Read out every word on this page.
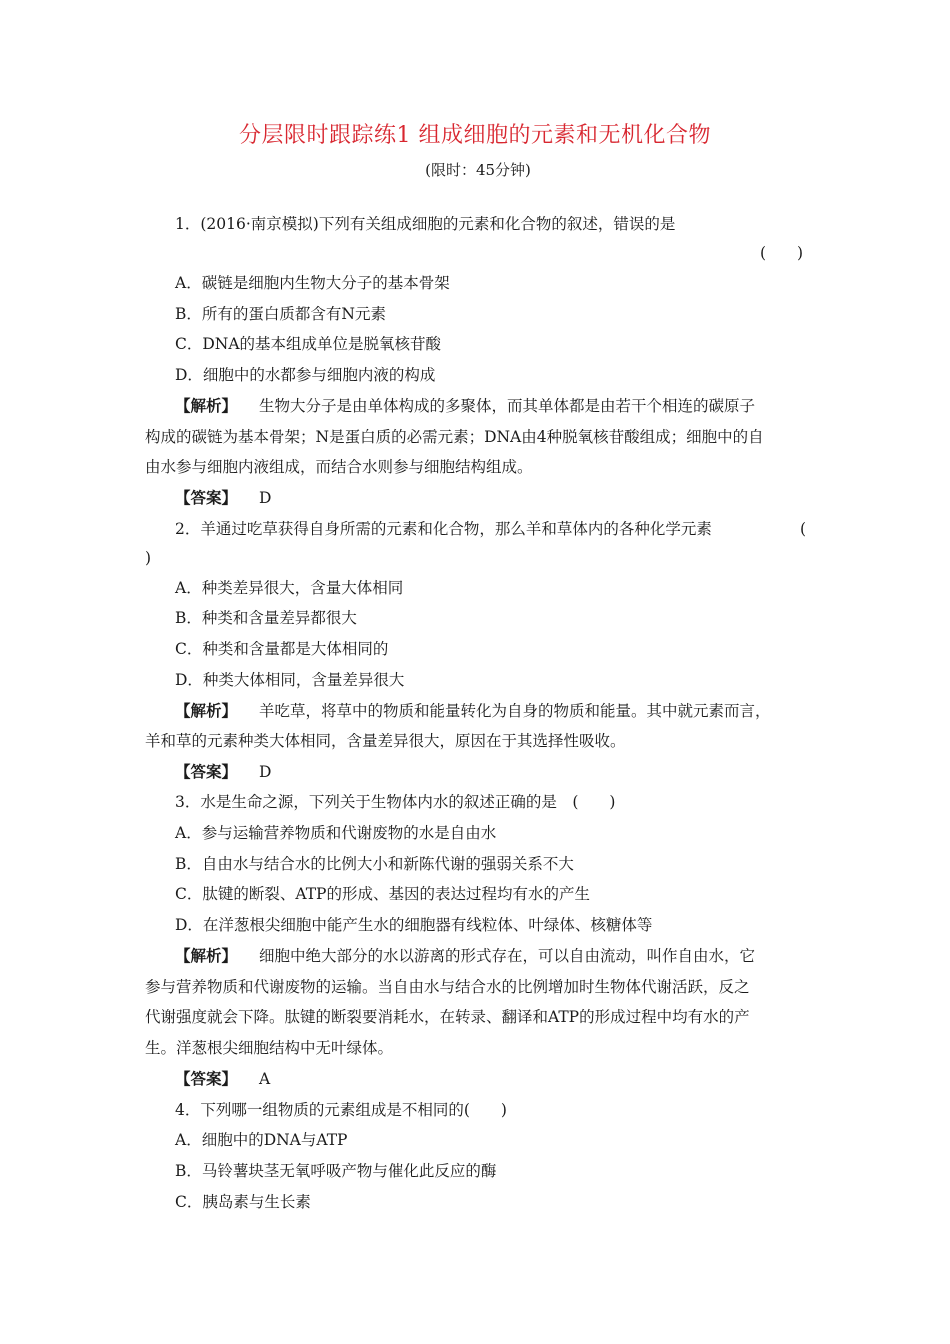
分层限时跟踪练1 组成细胞的元素和无机化合物
(限时：45分钟)
1．(2016·南京模拟)下列有关组成细胞的元素和化合物的叙述，错误的是
(　　)
A．碳链是细胞内生物大分子的基本骨架
B．所有的蛋白质都含有N元素
C．DNA的基本组成单位是脱氧核苷酸
D．细胞中的水都参与细胞内液的构成
【解析】 生物大分子是由单体构成的多聚体，而其单体都是由若干个相连的碳原子
构成的碳链为基本骨架；N是蛋白质的必需元素；DNA由4种脱氧核苷酸组成；细胞中的自
由水参与细胞内液组成，而结合水则参与细胞结构组成。
【答案】 D
2．羊通过吃草获得自身所需的元素和化合物，那么羊和草体内的各种化学元素	(
)
A．种类差异很大，含量大体相同
B．种类和含量差异都很大
C．种类和含量都是大体相同的
D．种类大体相同，含量差异很大
【解析】 羊吃草，将草中的物质和能量转化为自身的物质和能量。其中就元素而言，
羊和草的元素种类大体相同，含量差异很大，原因在于其选择性吸收。
【答案】 D
3．水是生命之源，下列关于生物体内水的叙述正确的是　(　　)
A．参与运输营养物质和代谢废物的水是自由水
B．自由水与结合水的比例大小和新陈代谢的强弱关系不大
C．肽键的断裂、ATP的形成、基因的表达过程均有水的产生
D．在洋葱根尖细胞中能产生水的细胞器有线粒体、叶绿体、核糖体等
【解析】 细胞中绝大部分的水以游离的形式存在，可以自由流动，叫作自由水，它
参与营养物质和代谢废物的运输。当自由水与结合水的比例增加时生物体代谢活跃，反之
代谢强度就会下降。肽键的断裂要消耗水，在转录、翻译和ATP的形成过程中均有水的产
生。洋葱根尖细胞结构中无叶绿体。
【答案】 A
4．下列哪一组物质的元素组成是不相同的(　　)
A．细胞中的DNA与ATP
B．马铃薯块茎无氧呼吸产物与催化此反应的酶
C．胰岛素与生长素
